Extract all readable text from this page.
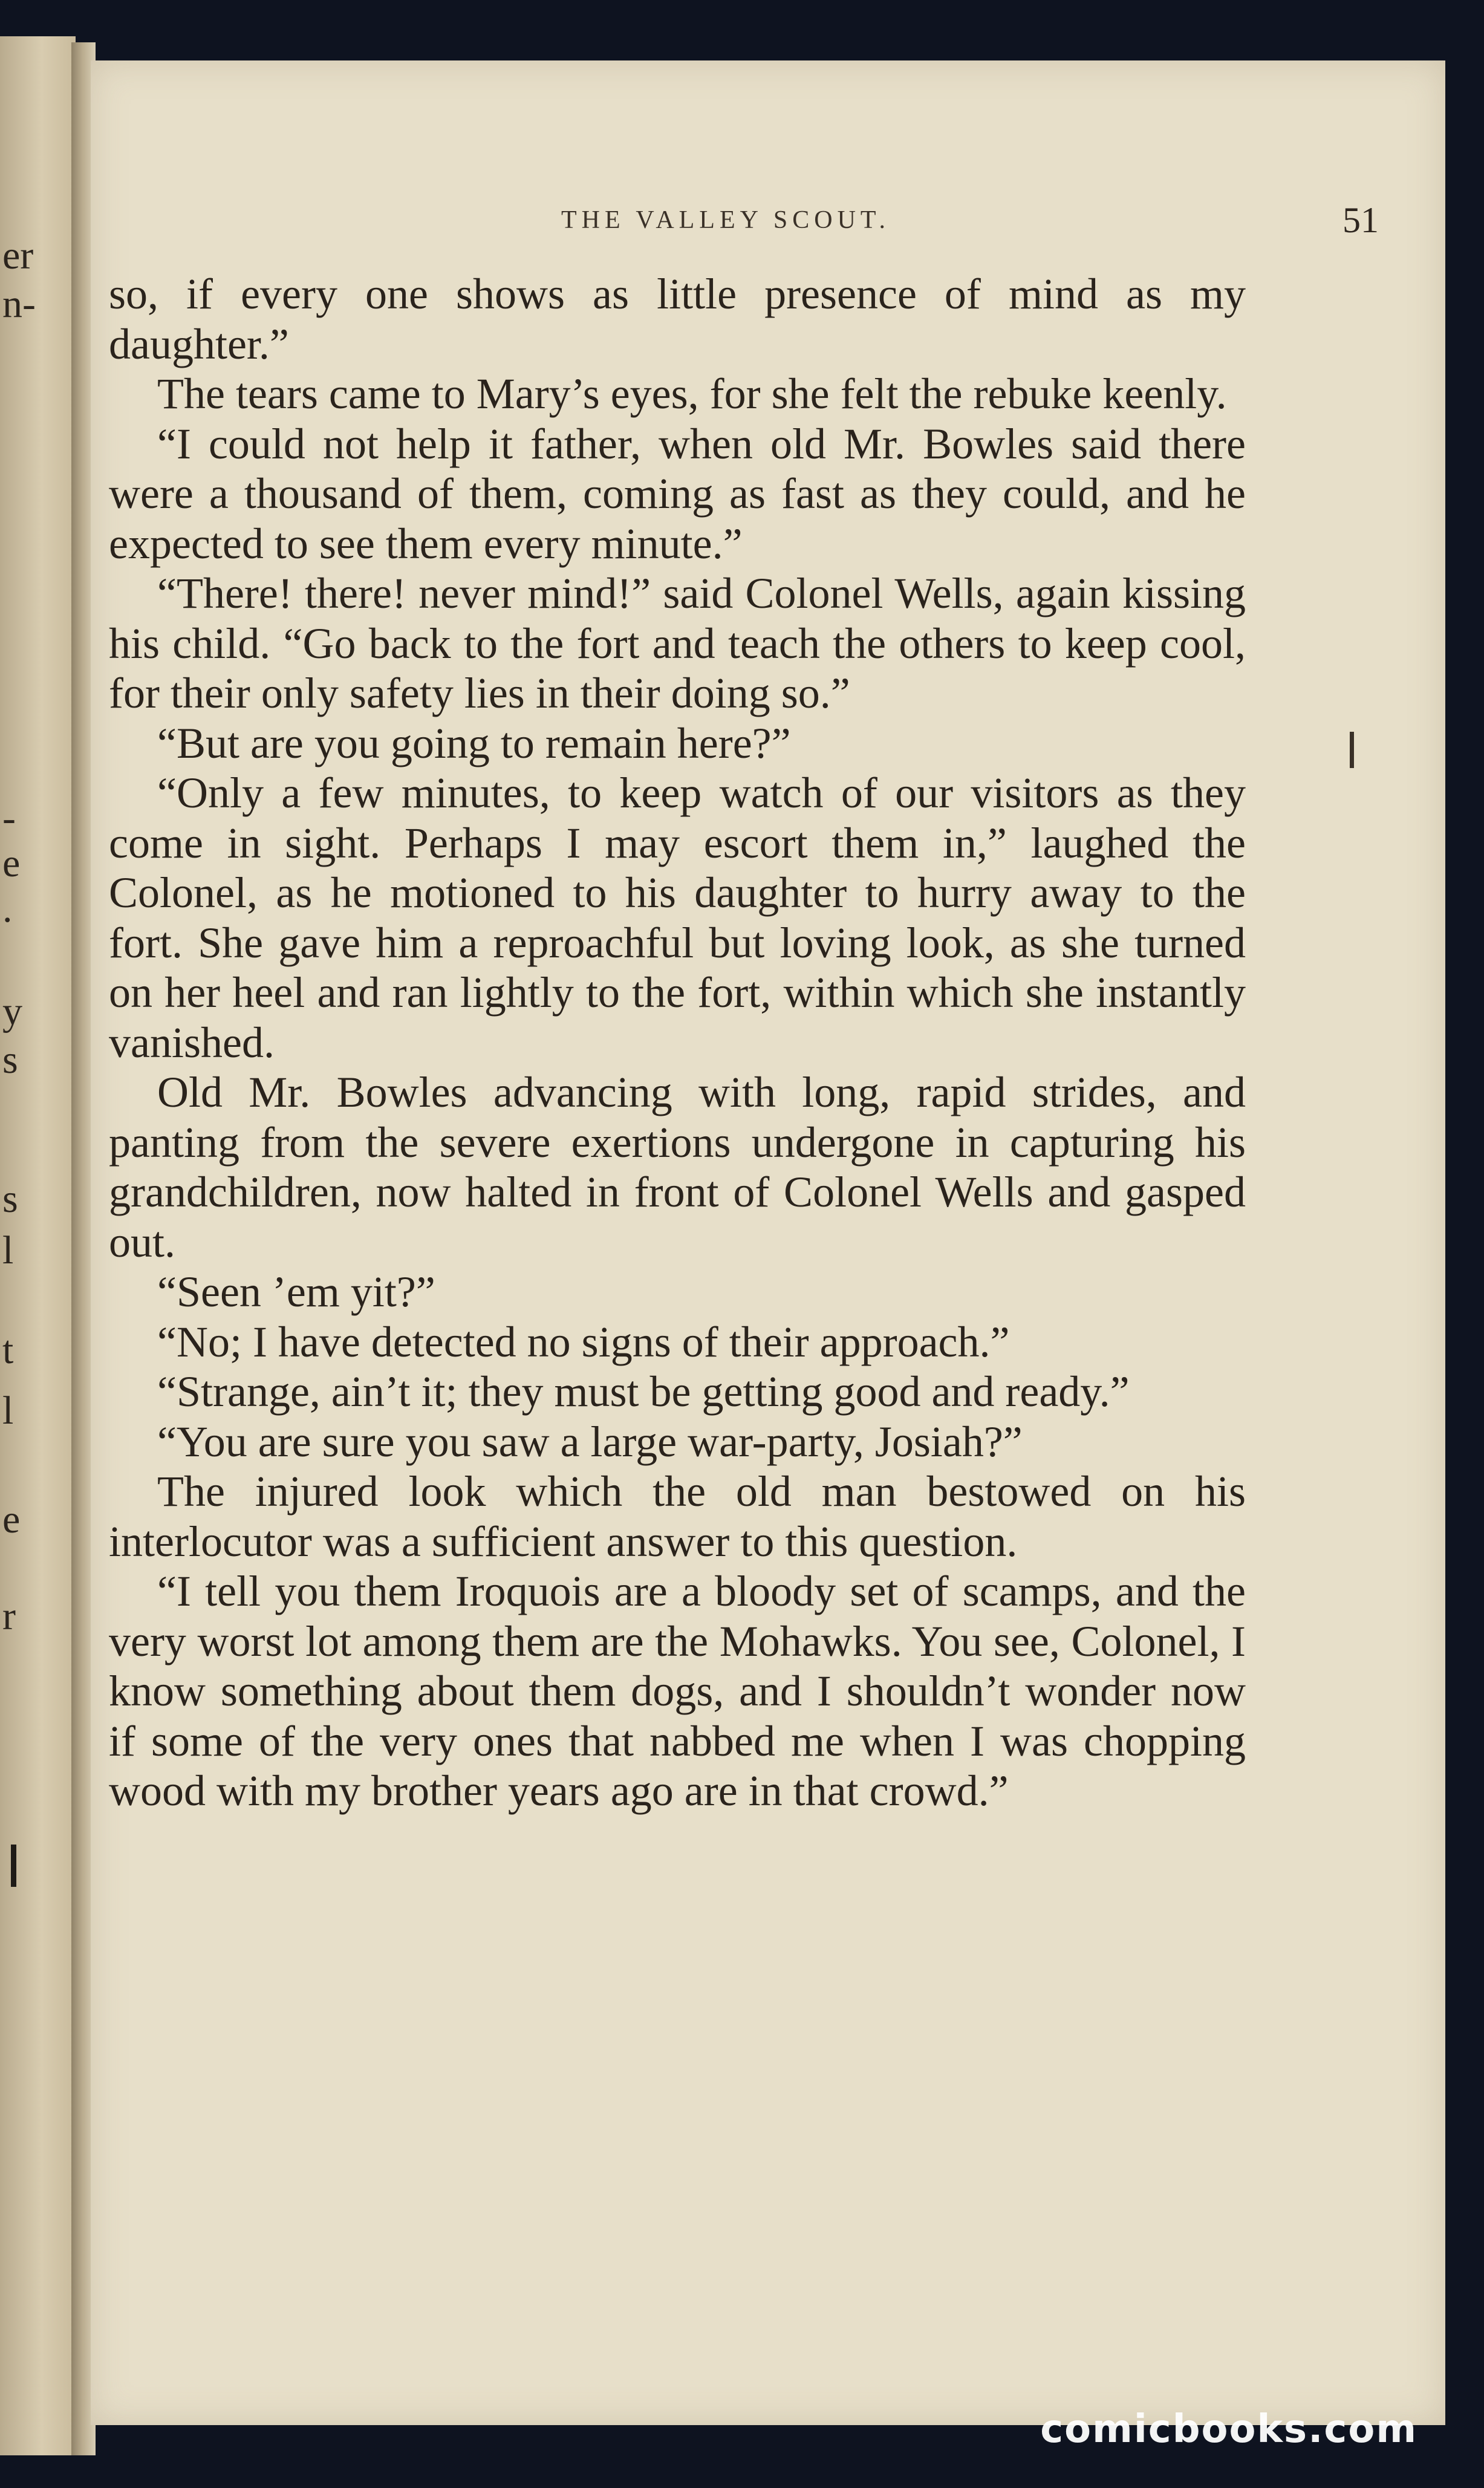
er
n-
-
e
.
y
s
s
l
t
l
e
r
THE VALLEY SCOUT.	51

so, if every one shows as little presence of mind as my daughter.”

The tears came to Mary’s eyes, for she felt the rebuke keenly.

“I could not help it father, when old Mr. Bowles said there were a thousand of them, coming as fast as they could, and he expected to see them every minute.”

“There! there! never mind!” said Colonel Wells, again kissing his child. “Go back to the fort and teach the others to keep cool, for their only safety lies in their doing so.”

“But are you going to remain here?”

“Only a few minutes, to keep watch of our visitors as they come in sight. Perhaps I may escort them in,” laughed the Colonel, as he motioned to his daughter to hurry away to the fort. She gave him a reproachful but loving look, as she turned on her heel and ran lightly to the fort, within which she instantly vanished.

Old Mr. Bowles advancing with long, rapid strides, and panting from the severe exertions undergone in capturing his grandchildren, now halted in front of Colonel Wells and gasped out.

“Seen ’em yit?”

“No; I have detected no signs of their approach.”

“Strange, ain’t it; they must be getting good and ready.”

“You are sure you saw a large war-party, Josiah?”

The injured look which the old man bestowed on his interlocutor was a sufficient answer to this question.

“I tell you them Iroquois are a bloody set of scamps, and the very worst lot among them are the Mohawks. You see, Colonel, I know something about them dogs, and I shouldn’t wonder now if some of the very ones that nabbed me when I was chopping wood with my brother years ago are in that crowd.”

comicbooks.com
